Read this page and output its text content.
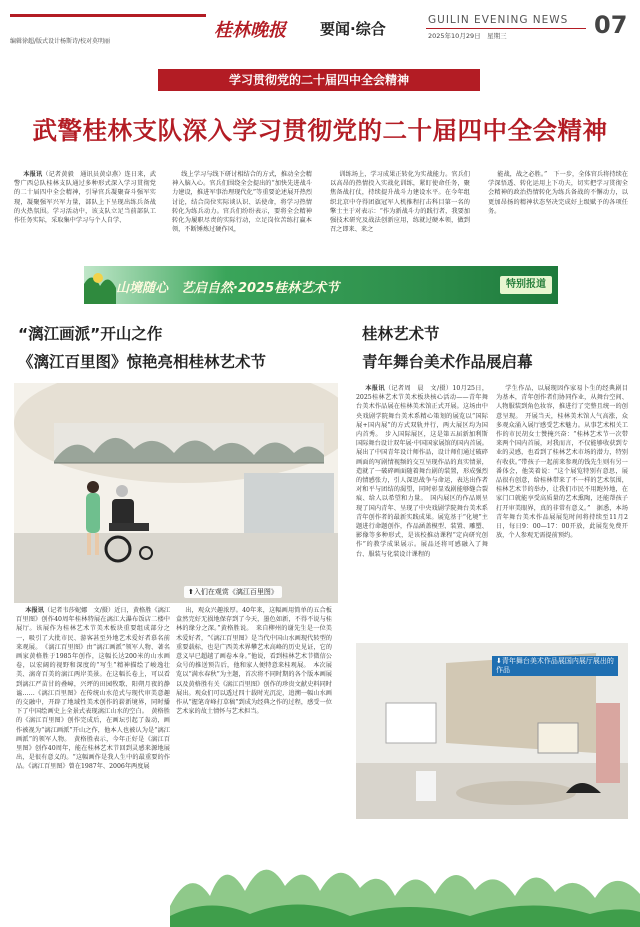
编辑徐超/版式设计杨斯诗/校对莫明丽
桂林晚报 要闻·综合	GUILIN EVENING NEWS
2025年10月29日　星期三	07
学习贯彻党的二十届四中全会精神
武警桂林支队深入学习贯彻党的二十届四中全会精神

本报讯（记者黄毅　通讯员黄卓燕）连日来，武警广西总队桂林支队通过多种形式深入学习贯彻党的二十届四中全会精神，引导官兵凝聚奋斗强军实现，凝聚强军兴军力量，部队上下呈现出练兵备战的火热氛围。学习活动中，该支队立足当前部队工作任务实际，采取集中学习与个人自学、

线上学习与线下研讨相结合的方式，推动全会精神入脑入心。官兵们围绕全会提出的“加快先进战斗力建设，推进军事治理现代化”等重要论述展开热烈讨论，结合岗位实际谈认识、话使命，将学习热情转化为练兵动力。官兵们纷纷表示，要将全会精神转化为履职尽责的实际行动，立足岗位苦练打赢本领，不断锤炼过硬作风，

训练场上，学习成果正转化为实战能力。官兵们以高昂的热情投入实战化训练，紧盯使命任务，聚焦备战打仗，持续提升战斗力建设水平。在今年组织北京中夺得团旗冠军人机推程打击科目第一名的擎士主于对表示：“作为新战斗力的践行者，我要加强技术研究及战法创新应用，练就过硬本领，做到召之即来、来之

能战，战之必胜。”　下一步，全体官兵将持续在学深悟透、转化运用上下功夫，切实把学习贯彻全会精神的政治热情转化为练兵备战的不懈动力，以更加昂扬的精神状态坚决完成好上级赋予的各项任务。

山境随心　艺启自然·2025桂林艺术节	特别报道
“漓江画派”开山之作
《漓江百里图》惊艳亮相桂林艺术节
⬆入们在观赏《漓江百里图》

本报讯（记者韦莎妮娜　文/摄）近日，黄格胜《漓江百里图》创作40周年桂林特展在漓江大瀑布饭店二楼中展厅。该展作为桂林艺术节美术板块重要组成部分之一，吸引了大批市民、游客甚至外地艺术爱好者慕名前来观展。　《漓江百里图》由“漓江画派”领军人物、著名画家黄格胜于1985年创作，这幅长达200米的山水画卷，以宏阔的视野和深度的“写生”精神描绘了峻逸壮美、漓奇百美的漓江两岸美景。在这幅长卷上，可以看到漓江严苗甘的叠嶂，兴坪的田园牧歌、阳朔月夜的静谧……《漓江百里图》在传统山水范式与现代审美意趣的交融中，开辟了地域性美术创作的崭新境界，同时播下了中国绘画史上全景式表现漓江山水的空白。　黄格胜的《漓江百里图》创作完成后，在画坛引起了轰动，画作被视为“漓江画派”开山之作，他本人也被认为是“漓江画派”的领军人物。　黄格胜表示，今年正好是《漓江百里图》创作40周年，能在桂林艺术节回到灵感来源地展出，是很有意义的。“这幅画作是我人生中的最重要的作品。《漓江百里图》曾在1987年、2006年两度展

出，观众兴趣浓厚。40年来，这幅画用简单的五合板盒然完好无损地保存到了今天，墨色如新，不得不说与桂林的缘分之深。”黄格胜说。　来自柳州的谢先生是一位美术爱好者，“《漓江百里图》是当代中国山水画现代转型的重要载标，也是广西美术界攀艺术高峰的历史见证，它的意义早已超越了画卷本身。”他说，看到桂林艺术节微信公众号的推送预告后，他和家人便特意来桂观展。　本次展览以“满水春秋”为主题，首次将不同时期的各个版本画展以及黄格胜有关《漓江百里图》创作的珍贵文献史料同时展出。观众们可以透过四十载时光沉淀，追溯一幅山水画作从“握笔奇峰打草稿”到成为经典之作的过程，感受一位艺术家的故土情怀与艺术担当。

桂林艺术节
青年舞台美术作品展启幕

本报讯（记者周　晨　文/摄）10月25日，2025桂林艺术节美术板块核心活动——青年舞台美术作品展在桂林美术馆正式开展。这场由中央戏剧学院舞台美术系精心策划的展览以“国际展+国内展”的方式双轨并行，两大展区均为国内首秀。　步入国际展区，这是第五届新加利斯国际舞台设计双年展·中国国家展馆的国内首展。展出了中国青年设计师作品，设计师们通过破碎画面的写剧情视频的交互呈现作品的真实情景，造就了一破碎画面随着舞台剧的装置，形成强烈的情感张力，引人深思战争与命运，表达出作者对和平与团结的渴望，同时彰显戏剧能够缝合裂痕、给人以希望和力量。　国内展区的作品则呈现了国内青年、呈现了中央戏剧学院舞台美术系青年创作者的最新实践成果。展览基于“化境”主题进行命题创作，作品涵盖模型、装置、雕塑、影像等多种形式，是该校推动课程“定向研究创作”的教学成果展示。展品还将可感融入了舞台、服装与化装设计课程的

学生作品，以展现因作家易卜生的经典剧目为基本，青年创作者们协同作业，从舞台空间、人物服装到角色妆容，推进行了完整且统一的创意呈现。　开展当天，桂林美术馆人气高涨，众多观众涌入展厅感受艺术魅力。从事艺术相关工作的市民胡女士赞掩兴奋：“桂林艺术节一次带来两个国内首展，对我而言，不仅能够收获到专业的灵感，也看到了桂林艺术市场的潜力，特别有收获。”带孩子一起前来参观的钱先生则有另一番体会，他笑着说：“这个展览特别有意思，展品很有创意，给桂林带来了不一样的艺术氛围，桂林艺术节的举办，让我们市民不用跑外地，在家门口就能享受高质量的艺术熏陶，还能帮孩子打开审美眼界，真的非常有意义。”　据悉，本场青年舞台美术作品展展览时间将持续至11月2日，每日9：00—17：00开放，此展览免费开放，个人参观无需提前预约。

⬇青年舞台美术作品展国内展厅展出的作品
